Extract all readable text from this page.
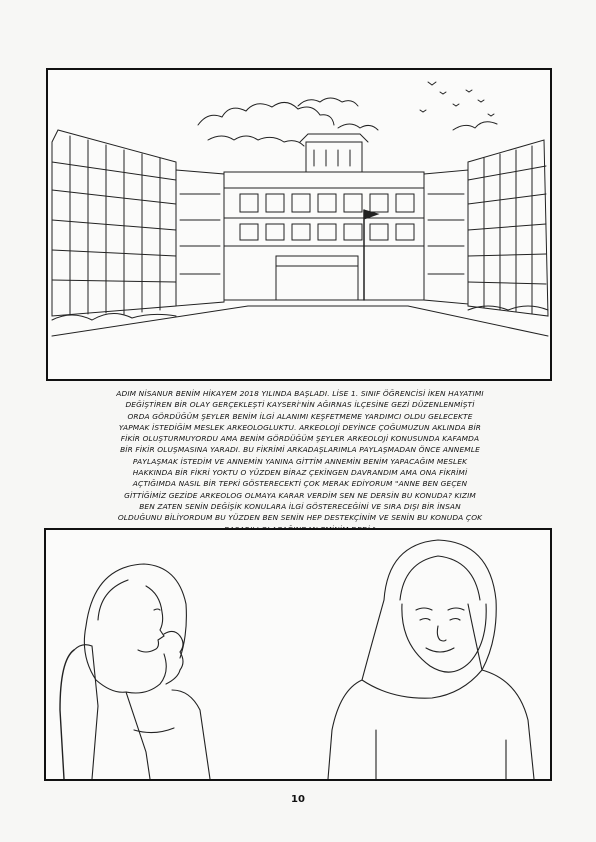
ADIM NİSANUR BENİM HİKAYEM 2018 YILINDA BAŞLADI. LİSE 1. SINIF ÖĞRENCİSİ İKEN HAYATIMI
DEĞİŞTİREN BİR OLAY GERÇEKLEŞTİ KAYSERİ'NİN AĞIRNAS İLÇESİNE GEZİ DÜZENLENMİŞTİ
ORDA GÖRDÜĞÜM ŞEYLER BENİM İLGİ ALANIMI KEŞFETMEME YARDIMCI OLDU GELECEKTE
YAPMAK İSTEDİĞİM MESLEK ARKEOLOGLUKTU. ARKEOLOJİ DEYİNCE ÇOĞUMUZUN AKLINDA BİR
FİKİR OLUŞTURMUYORDU AMA BENİM GÖRDÜĞÜM ŞEYLER ARKEOLOJİ KONUSUNDA KAFAMDA
BİR FİKİR OLUŞMASINA YARADI. BU FİKRİMİ ARKADAŞLARIMLA PAYLAŞMADAN ÖNCE ANNEMLE
PAYLAŞMAK İSTEDİM VE ANNEMİN YANINA GİTTİM ANNEMİN BENİM YAPACAĞIM MESLEK
HAKKINDA BİR FİKRİ YOKTU O YÜZDEN BİRAZ ÇEKİNGEN DAVRANDIM AMA ONA FİKRİMİ
AÇTIĞIMDA NASIL BİR TEPKİ GÖSTERECEKTİ ÇOK MERAK EDİYORUM "ANNE BEN GEÇEN
GİTTİĞİMİZ GEZİDE ARKEOLOG OLMAYA KARAR VERDİM SEN NE DERSİN BU KONUDA? KIZIM
BEN ZATEN SENİN DEĞİŞİK KONULARA İLGİ GÖSTERECEĞİNİ VE SIRA DIŞI BİR İNSAN
OLDUĞUNU BİLİYORDUM BU YÜZDEN BEN SENİN HEP DESTEKÇİNİM VE SENİN BU KONUDA ÇOK
10
